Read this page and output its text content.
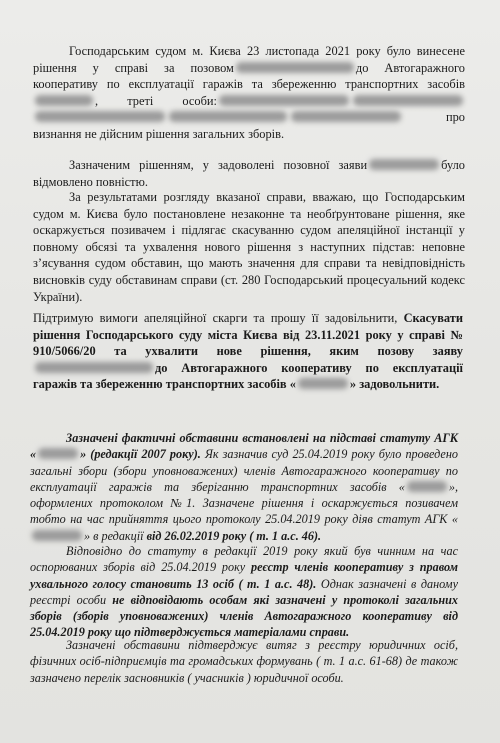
Господарським судом м. Києва 23 листопада 2021 року було винесене рішення у справі за позовом	до Автогаражного кооперативу по експлуатації гаражів та збереженню транспортних засобів, треті особи: про визнання не дійсним рішення загальних зборів.

Зазначеним рішенням, у задоволені позовної заяви	було відмовлено повністю.

За результатами розгляду вказаної справи, вважаю, що Господарським судом м. Києва було постановлене незаконне та необґрунтоване рішення, яке оскаржується позивачем і підлягає скасуванню судом апеляційної інстанції у повному обсязі та ухвалення нового рішення з наступних підстав: неповне з’ясування судом обставин, що мають значення для справи та невідповідність висновків суду обставинам справи (ст. 280 Господарський процесуальний кодекс України).

Підтримую вимоги апеляційної скарги та прошу її задовільнити, Скасувати рішення Господарського суду міста Києва від 23.11.2021 року у справі № 910/5066/20 та ухвалити нове рішення, яким позову заявудо Автогаражного кооперативу по експлуатації гаражів та збереженню транспортних засобів «	» задовольнити.

Зазначені фактичні обставини встановлені на підставі статуту АГК «	» (редакції 2007 року). Як зазначив суд 25.04.2019 року було проведено загальні збори (збори уповноважених) членів Автогаражного кооперативу по експлуатації гаражів та зберіганню транспортних засобів «	», оформлених протоколом №1. Зазначене рішення і оскаржується позивачем тобто на час прийняття цього протоколу 25.04.2019 року діяв статут АГК «» в редакції від 26.02.2019 року ( т. 1 а.с. 46).

Відповідно до статуту в редакції 2019 року який був чинним на час оспорюваних зборів від 25.04.2019 року реєстр членів кооперативу з правом ухвального голосу становить 13 осіб ( т. 1 а.с. 48). Однак зазначені в даному реєстрі особи не відповідають особам які зазначені у протоколі загальних зборів (зборів уповноважених) членів Автогаражного кооперативу від 25.04.2019 року що підтверджується матеріалами справи.

Зазначені обставини підтверджує витяг з реєстру юридичних осіб, фізичних осіб-підприємців та громадських формувань ( т. 1 а.с. 61-68) де також зазначено перелік засновників ( учасників ) юридичної особи.
